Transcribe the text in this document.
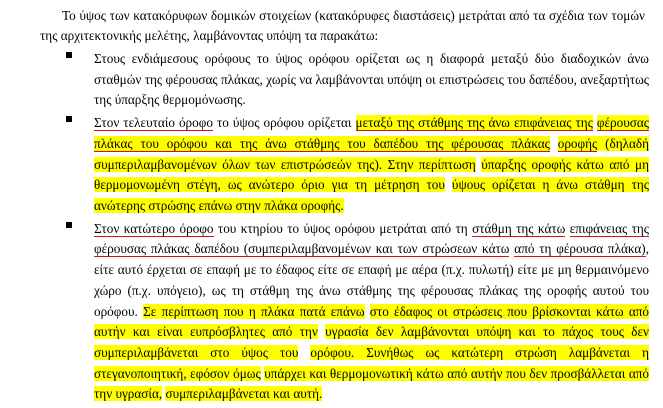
Το ύψος των κατακόρυφων δομικών στοιχείων (κατακόρυφες διαστάσεις) μετράται από τα σχέδια των τομών της αρχιτεκτονικής μελέτης, λαμβάνοντας υπόψη τα παρακάτω:

Στους ενδιάμεσους ορόφους το ύψος ορόφου ορίζεται ως η διαφορά μεταξύ δύο διαδοχικών άνω σταθμών της φέρουσας πλάκας, χωρίς να λαμβάνονται υπόψη οι επιστρώσεις του δαπέδου, ανεξαρτήτως της ύπαρξης θερμομόνωσης.
Στον τελευταίο όροφο το ύψος ορόφου ορίζεται μεταξύ της στάθμης της άνω επιφάνειας της φέρουσας πλάκας του ορόφου και της άνω στάθμης του δαπέδου της φέρουσας πλάκας οροφής (δηλαδή συμπεριλαμβανομένων όλων των επιστρώσεών της). Στην περίπτωση ύπαρξης οροφής κάτω από μη θερμομονωμένη στέγη, ως ανώτερο όριο για τη μέτρηση του ύψους ορίζεται η άνω στάθμη της ανώτερης στρώσης επάνω στην πλάκα οροφής.
Στον κατώτερο όροφο του κτηρίου το ύψος ορόφου μετράται από τη στάθμη της κάτω επιφάνειας της φέρουσας πλάκας δαπέδου (συμπεριλαμβανομένων και των στρώσεων κάτω από τη φέρουσα πλάκα), είτε αυτό έρχεται σε επαφή με το έδαφος είτε σε επαφή με αέρα (π.χ. πυλωτή) είτε με μη θερμαινόμενο χώρο (π.χ. υπόγειο), ως τη στάθμη της άνω στάθμης της φέρουσας πλάκας της οροφής αυτού του ορόφου. Σε περίπτωση που η πλάκα πατά επάνω στο έδαφος οι στρώσεις που βρίσκονται κάτω από αυτήν και είναι ευπρόσβλητες από την υγρασία δεν λαμβάνονται υπόψη και το πάχος τους δεν συμπεριλαμβάνεται στο ύψος του ορόφου. Συνήθως ως κατώτερη στρώση λαμβάνεται η στεγανοποιητική, εφόσον όμως υπάρχει και θερμομονωτική κάτω από αυτήν που δεν προσβάλλεται από την υγρασία, συμπεριλαμβάνεται και αυτή.
